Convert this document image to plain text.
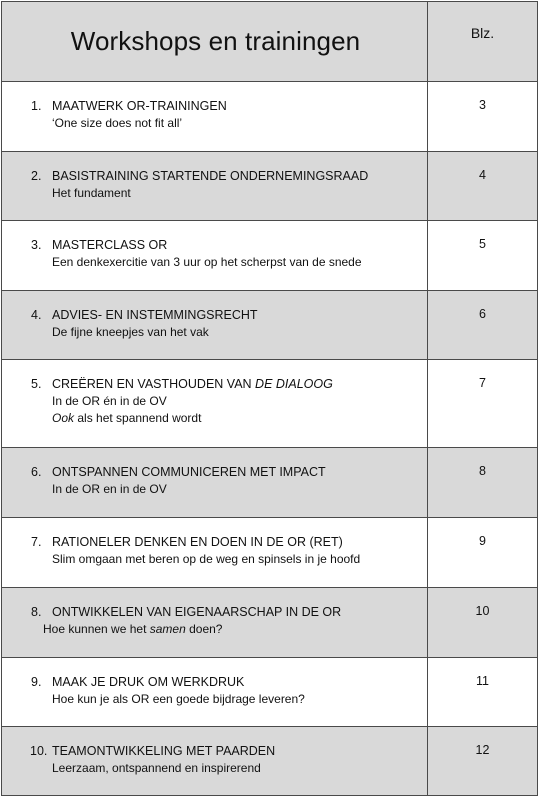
Workshops en trainingen	Blz.

1. MAATWERK OR-TRAININGEN
‘One size does not fit all’	3

2. BASISTRAINING STARTENDE ONDERNEMINGSRAAD
Het fundament	4

3. MASTERCLASS OR
Een denkexercitie van 3 uur op het scherpst van de snede	5

4. ADVIES- EN INSTEMMINGSRECHT
De fijne kneepjes van het vak	6

5. CREËREN EN VASTHOUDEN VAN DE DIALOOG
In de OR én in de OV
Ook als het spannend wordt	7

6. ONTSPANNEN COMMUNICEREN MET IMPACT
In de OR en in de OV	8

7. RATIONELER DENKEN EN DOEN IN DE OR (RET)
Slim omgaan met beren op de weg en spinsels in je hoofd	9

8. ONTWIKKELEN VAN EIGENAARSCHAP IN DE OR
Hoe kunnen we het samen doen?	10

9. MAAK JE DRUK OM WERKDRUK
Hoe kun je als OR een goede bijdrage leveren?	11

10. TEAMONTWIKKELING MET PAARDEN
Leerzaam, ontspannend en inspirerend	12
